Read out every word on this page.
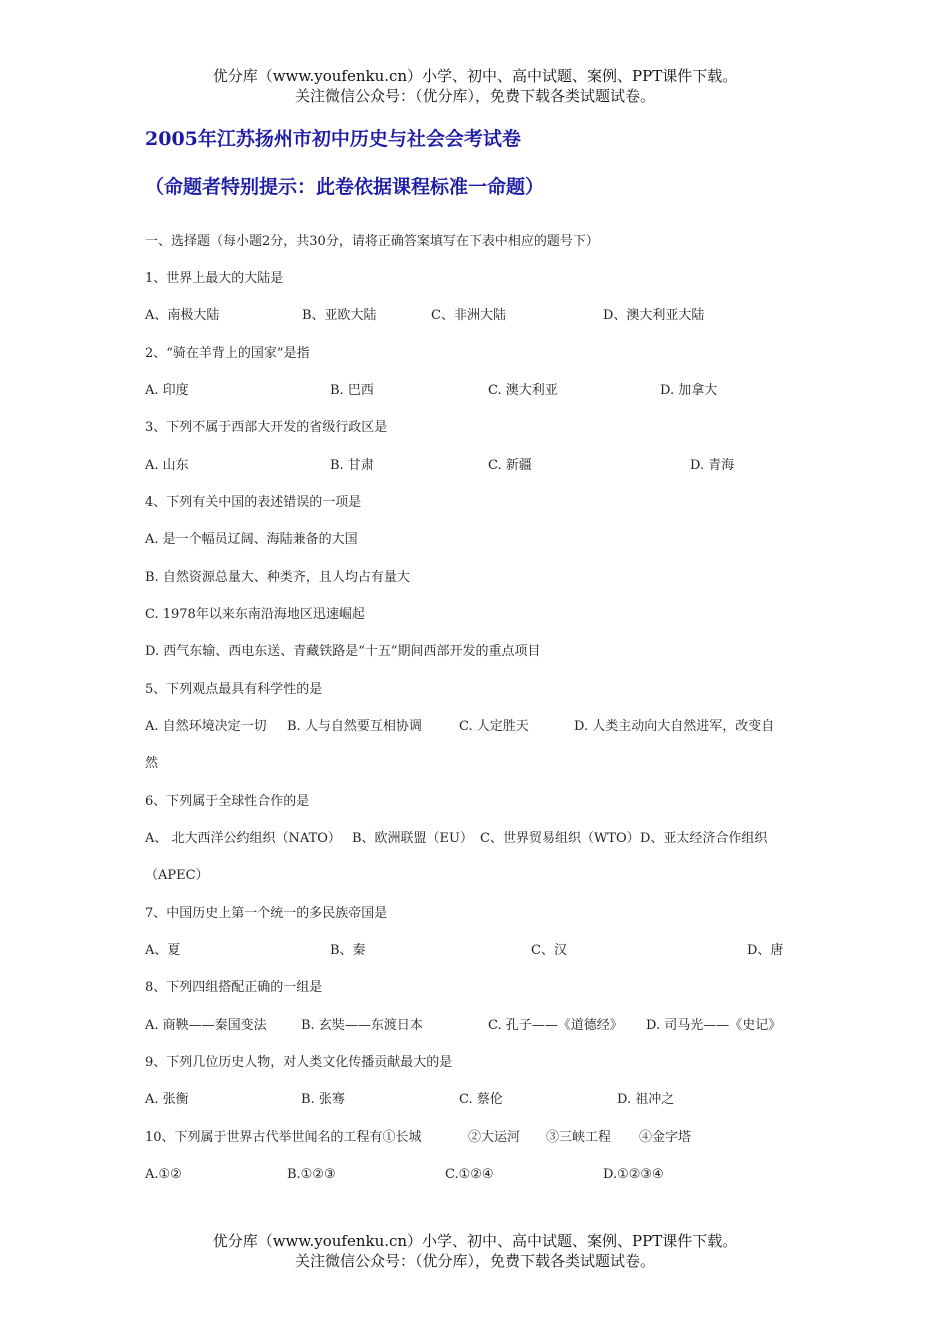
优分库（www.youfenku.cn）小学、初中、高中试题、案例、PPT课件下载。
关注微信公众号：（优分库），免费下载各类试题试卷。
2005年江苏扬州市初中历史与社会会考试卷
（命题者特别提示：此卷依据课程标准一命题）
一、选择题（每小题2分，共30分，请将正确答案填写在下表中相应的题号下）
1、世界上最大的大陆是
A、南极大陆	B、亚欧大陆	C、非洲大陆	D、澳大利亚大陆
2、“骑在羊背上的国家”是指
A. 印度	B. 巴西	C. 澳大利亚	D. 加拿大
3、下列不属于西部大开发的省级行政区是
A. 山东	B. 甘肃	C. 新疆	D. 青海
4、下列有关中国的表述错误的一项是
A. 是一个幅员辽阔、海陆兼备的大国
B. 自然资源总量大、种类齐，且人均占有量大
C. 1978年以来东南沿海地区迅速崛起
D. 西气东输、西电东送、青藏铁路是“十五”期间西部开发的重点项目
5、下列观点最具有科学性的是
A. 自然环境决定一切 B. 人与自然要互相协调	C. 人定胜天	D. 人类主动向大自然进军，改变自
然
6、下列属于全球性合作的是
A、 北大西洋公约组织（NATO） B、欧洲联盟（EU） C、世界贸易组织（WTO） D、亚太经济合作组织
（APEC）
7、中国历史上第一个统一的多民族帝国是
A、夏	B、秦	C、汉	D、唐
8、下列四组搭配正确的一组是
A. 商鞅——秦国变法	B. 玄奘——东渡日本	C. 孔子——《道德经》 D. 司马光——《史记》
9、下列几位历史人物，对人类文化传播贡献最大的是
A. 张衡	B. 张骞	C. 蔡伦	D. 祖冲之
10、下列属于世界古代举世闻名的工程有①长城	②大运河 ③三峡工程 ④金字塔
A.①②	B.①②③	C.①②④	D.①②③④
优分库（www.youfenku.cn）小学、初中、高中试题、案例、PPT课件下载。
关注微信公众号：（优分库），免费下载各类试题试卷。
